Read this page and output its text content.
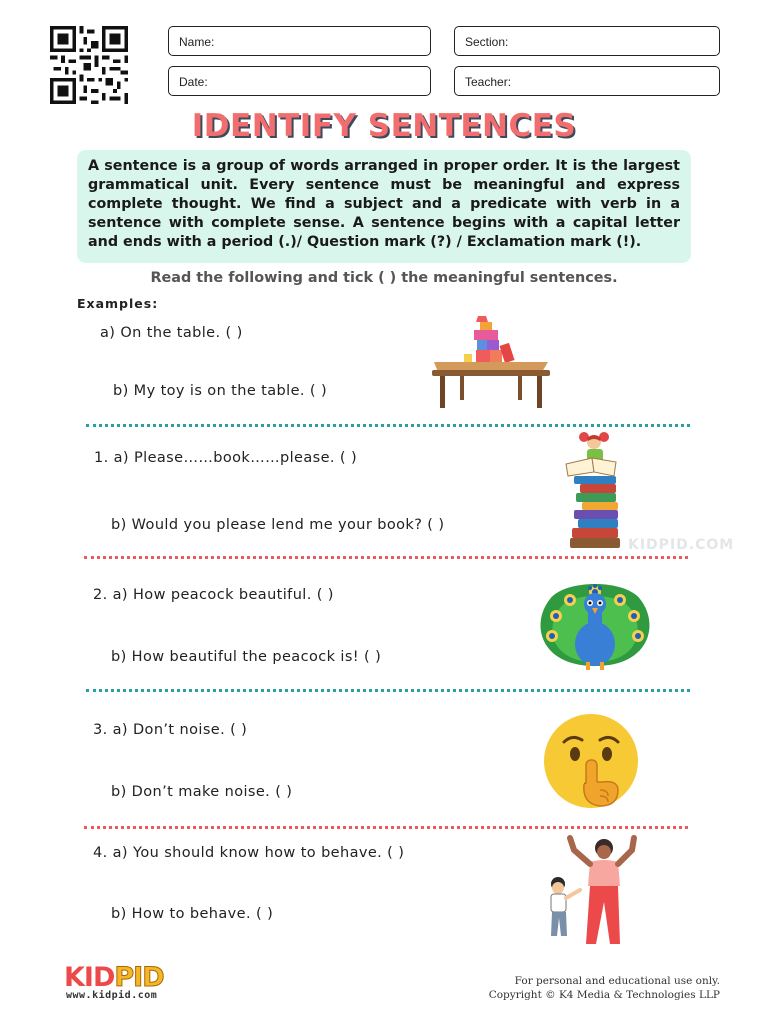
Name:	Section:
Date:	Teacher:
IDENTIFY SENTENCES
A sentence is a group of words arranged in proper order. It is the largest grammatical unit. Every sentence must be meaningful and express complete thought. We find a subject and a predicate with verb in a sentence with complete sense. A sentence begins with a capital letter and ends with a period (.)/ Question mark (?) / Exclamation mark (!).
Read the following and tick ( ) the meaningful sentences.
Examples:
a) On the table. ( )
b) My toy is on the table. ( )
1. a) Please……book……please. ( )
b) Would you please lend me your book? ( )
KIDPID.COM
2. a) How peacock beautiful. ( )
b) How beautiful the peacock is! ( )
3. a) Don’t noise. ( )
b) Don’t make noise. ( )
4. a) You should know how to behave. ( )
b) How to behave. ( )
KIDPID
www.kidpid.com
For personal and educational use only.
Copyright © K4 Media & Technologies LLP
